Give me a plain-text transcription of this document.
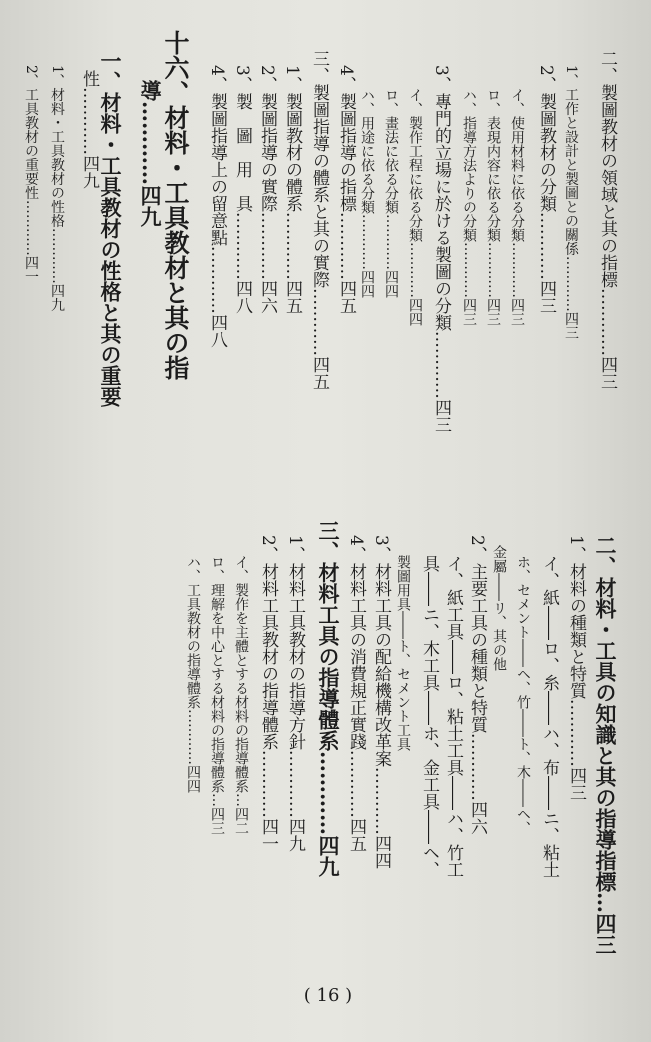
二、製圖教材の領域と其の指標…………四三
1、工作と設計と製圖との關係…………四三
2、製圖教材の分類…………四三
イ、使用材料に依る分類…………四三
ロ、表現内容に依る分類…………四三
ハ、指導方法よりの分類…………四三
3、專門的立場に於ける製圖の分類…………四三
イ、製作工程に依る分類…………四四
ロ、畫法に依る分類…………四四
ハ、用途に依る分類…………四四
4、製圖指導の指標…………四五
三、製圖指導の體系と其の實際…………四五
1、製圖教材の體系…………四五
2、製圖指導の實際…………四六
3、製　圖　用　具…………四八
4、製圖指導上の留意點…………四八
十六、材料・工具教材と其の指
導…………四九
一、材料・工具教材の性格と其の重要
性…………四九
1、材料・工具教材の性格…………四九
2、工具教材の重要性…………四一
二、材料・工具の知識と其の指導指標…四三
1、材料の種類と特質…………四三
イ、紙――ロ、糸――ハ、布――ニ、粘土
ホ、セメント――ヘ、竹――ト、木――ヘ、
金屬――リ、其の他
2、主要工具の種類と特質…………四六
イ、紙工具――ロ、粘土工具――ハ、竹工
具――ニ、木工具――ホ、金工具――ヘ、
製圖用具――ト、セメント工具
3、材料工具の配給機構改革案…………四四
4、材料工具の消費規正實踐…………四五
三、材料工具の指導體系…………四九
1、材料工具教材の指導方針…………四九
2、材料工具教材の指導體系…………四一
イ、製作を主體とする材料の指導體系…四二
ロ、理解を中心とする材料の指導體系…四三
ハ、工具教材の指導體系…………四四
( 16 )
